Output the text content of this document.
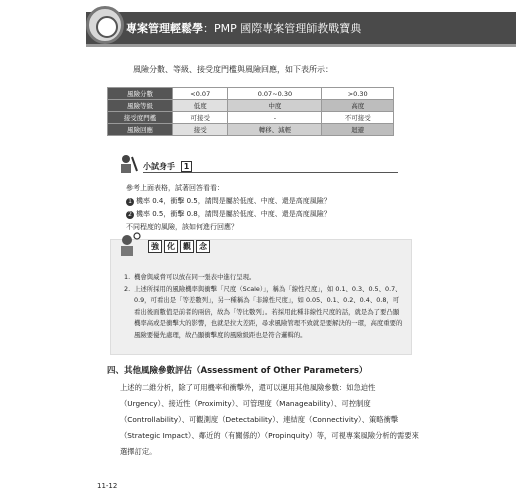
專案管理輕鬆學：PMP 國際專案管理師教戰寶典
風險分數、等級、接受度門檻與風險回應，如下表所示：
風險分數	<0.07	0.07~0.30	>0.30
風險等級	低度	中度	高度
接受度門檻	可接受	-	不可接受
風險回應	接受	轉移、減輕	迴避
小試身手 1
參考上面表格，試著回答看看：
1 機率 0.4，衝擊 0.5，請問是屬於低度、中度、還是高度風險？
2 機率 0.5，衝擊 0.8，請問是屬於低度、中度、還是高度風險？
不同程度的風險，該如何進行回應？
強	化	觀	念
1. 機會與威脅可以放在同一張表中進行呈現。
2. 上述所採用的風險機率與衝擊「尺度（Scale）」，稱為「線性尺度」，如 0.1、0.3、0.5、0.7、0.9，可看出是「等差數列」，另一種稱為「非線性尺度」，如 0.05、0.1、0.2、0.4、0.8，可看出後面數值是前者的兩倍，故為「等比數列」。若採用此種非線性尺度的話，就是為了要凸顯機率高或是衝擊大的影響，也就是拉大差距，尋求風險管理不致就是要解決的一環，高度重要的風險要優先處理，故凸顯衝擊度的風險級距也是符合邏輯的。
四、其他風險參數評估（Assessment of Other Parameters）
上述的二維分析，除了可用機率和衝擊外，還可以運用其他風險參數：如急迫性（Urgency）、接近性（Proximity）、可管理度（Manageability）、可控制度（Controllability）、可觀測度（Detectability）、連結度（Connectivity）、策略衝擊（Strategic Impact）、鄰近的（有關係的）（Propinquity）等，可視專案風險分析的需要來選擇訂定。
11-12
